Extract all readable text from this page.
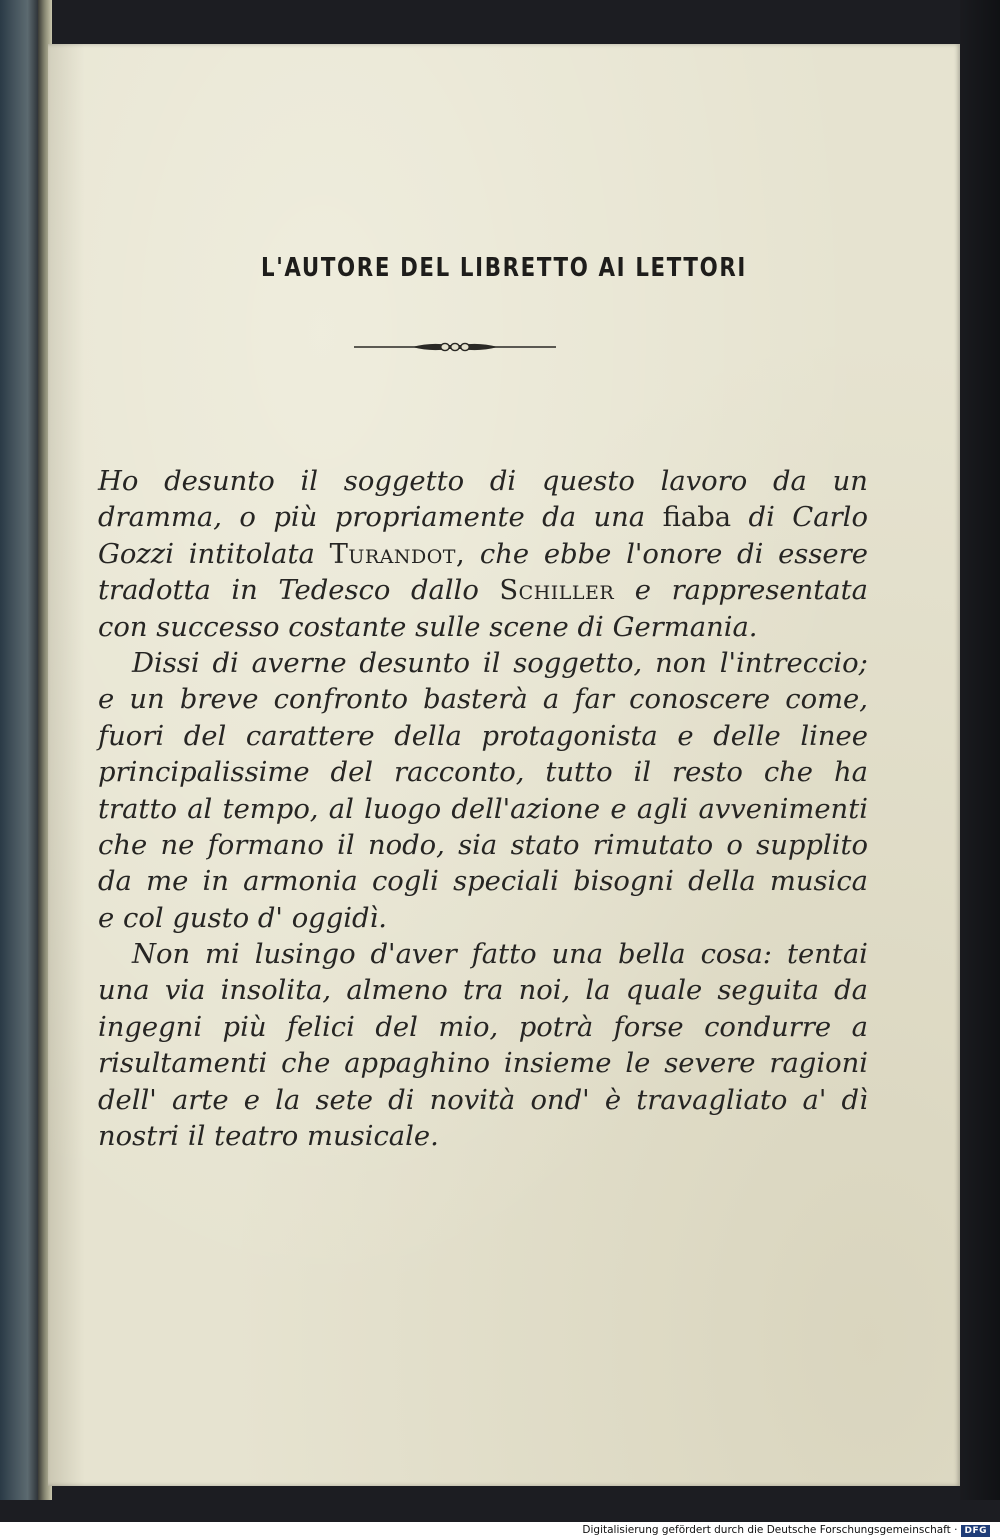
L'AUTORE DEL LIBRETTO AI LETTORI
Ho desunto il soggetto di questo lavoro da un
dramma, o più propriamente da una fiaba di Carlo
Gozzi intitolata Turandot, che ebbe l'onore di essere
tradotta in Tedesco dallo Schiller e rappresentata
con successo costante sulle scene di Germania.
Dissi di averne desunto il soggetto, non l'intreccio;
e un breve confronto basterà a far conoscere come,
fuori del carattere della protagonista e delle linee
principalissime del racconto, tutto il resto che ha
tratto al tempo, al luogo dell'azione e agli avvenimenti
che ne formano il nodo, sia stato rimutato o supplito
da me in armonia cogli speciali bisogni della musica
e col gusto d' oggidì.
Non mi lusingo d'aver fatto una bella cosa: tentai
una via insolita, almeno tra noi, la quale seguita da
ingegni più felici del mio, potrà forse condurre a
risultamenti che appaghino insieme le severe ragioni
dell' arte e la sete di novità ond' è travagliato a' dì
nostri il teatro musicale.
Digitalisierung gefördert durch die Deutsche Forschungsgemeinschaft · DFG
